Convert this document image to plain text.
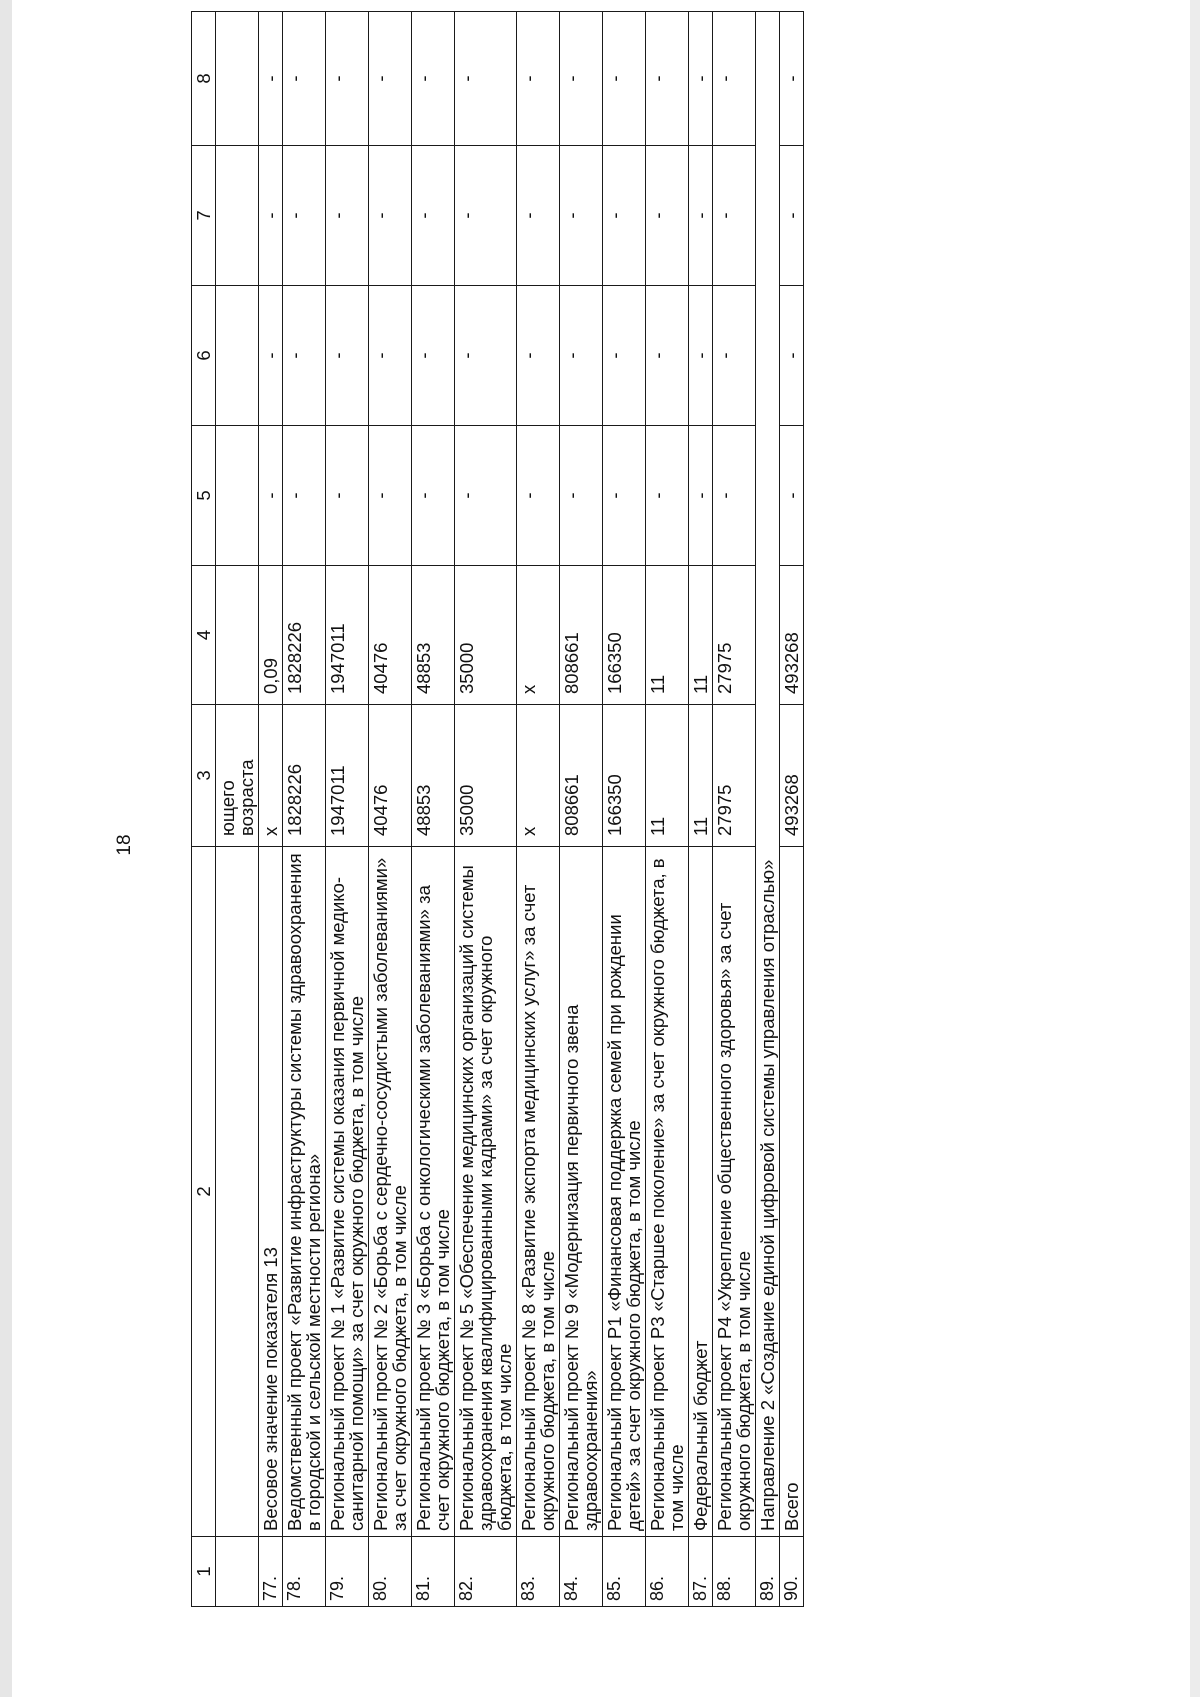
18
1	2	3	4	5	6	7	8
		ющего возраста					
77.	Весовое значение показателя 13	x	0,09	-	-	-	-
78.	Ведомственный проект «Развитие инфраструктуры системы здравоохранения в городской и сельской местности региона»	1828226	1828226	-	-	-	-
79.	Региональный проект № 1 «Развитие системы оказания первичной медико-санитарной помощи» за счет окружного бюджета, в том числе	1947011	1947011	-	-	-	-
80.	Региональный проект № 2 «Борьба с сердечно-сосудистыми заболеваниями» за счет окружного бюджета, в том числе	40476	40476	-	-	-	-
81.	Региональный проект № 3 «Борьба с онкологическими заболеваниями» за счет окружного бюджета, в том числе	48853	48853	-	-	-	-
82.	Региональный проект № 5 «Обеспечение медицинских организаций системы здравоохранения квалифицированными кадрами» за счет окружного бюджета, в том числе	35000	35000	-	-	-	-
83.	Региональный проект № 8 «Развитие экспорта медицинских услуг» за счет окружного бюджета, в том числе	x	x	-	-	-	-
84.	Региональный проект № 9 «Модернизация первичного звена здравоохранения»	808661	808661	-	-	-	-
85.	Региональный проект Р1 «Финансовая поддержка семей при рождении детей» за счет окружного бюджета, в том числе	166350	166350	-	-	-	-
86.	Региональный проект Р3 «Старшее поколение» за счет окружного бюджета, в том числе	11	11	-	-	-	-
87.	Федеральный бюджет	11	11	-	-	-	-
88.	Региональный проект Р4 «Укрепление общественного здоровья» за счет окружного бюджета, в том числе	27975	27975	-	-	-	-
89.	Направление 2 «Создание единой цифровой системы управления отраслью»						
90.	Всего	493268	493268	-	-	-	-
